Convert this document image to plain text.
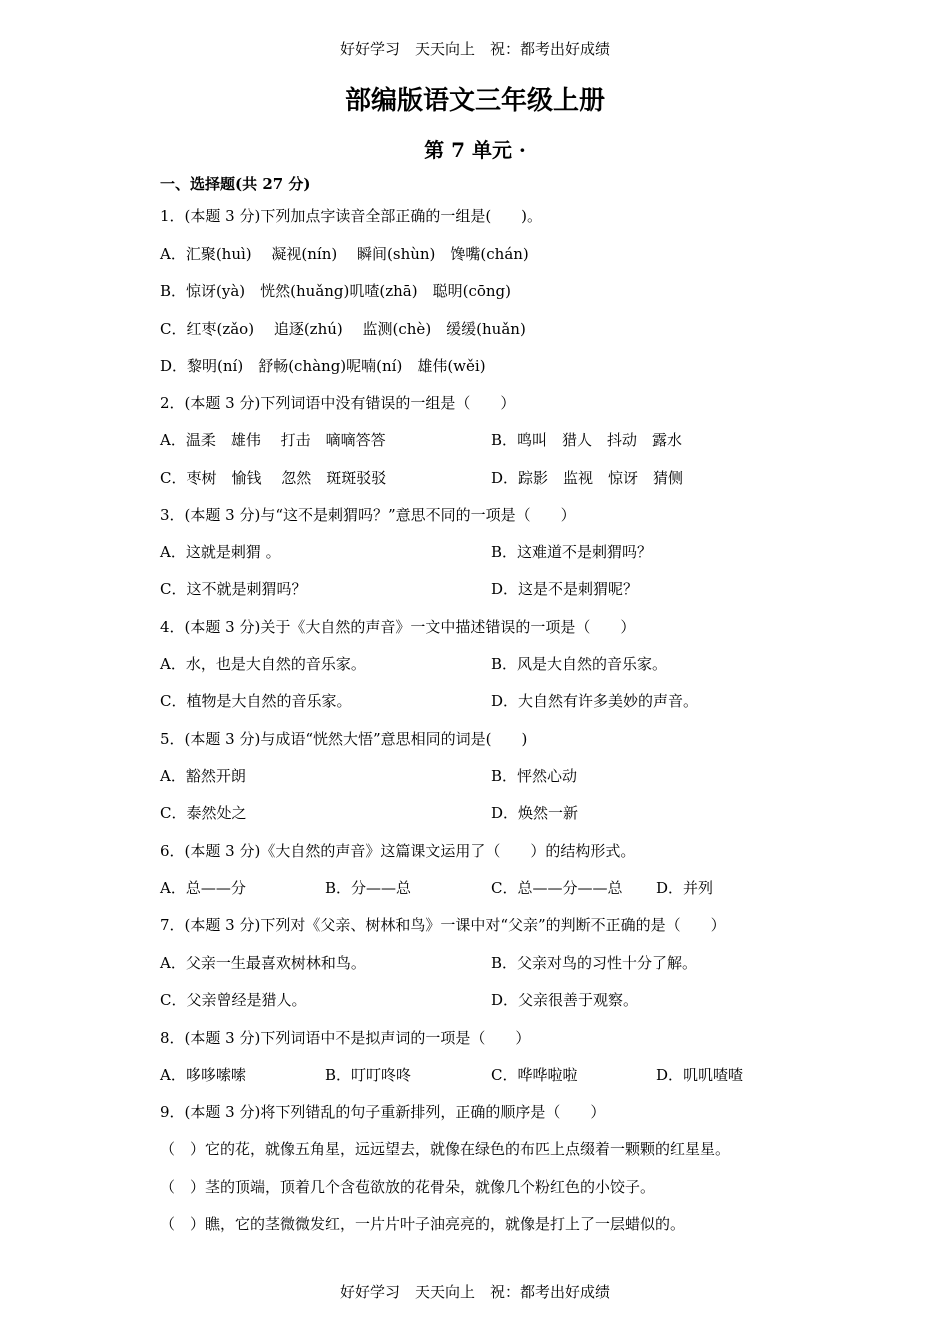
好好学习　天天向上　祝：都考出好成绩
部编版语文三年级上册
第 7 单元 ·
一、选择题(共 27 分)
1．(本题 3 分)下列加点字读音全部正确的一组是(　　)。
A．汇聚(huì)　 凝视(nín)　 瞬间(shùn)　馋嘴(chán)
B．惊讶(yà)　恍然(huǎng)叽喳(zhā)　聪明(cōng)
C．红枣(zǎo)　 追逐(zhú)　 监测(chè)　缓缓(huǎn)
D．黎明(ní)　舒畅(chàng)呢喃(ní)　雄伟(wěi)
2．(本题 3 分)下列词语中没有错误的一组是（　　）
A．温柔　雄伟　 打击　嘀嘀答答	B．鸣叫　猎人　抖动　露水
C．枣树　愉钱　 忽然　斑斑驳驳	D．踪影　监视　惊讶　猜侧
3．(本题 3 分)与“这不是刺猬吗？”意思不同的一项是（　　）
A．这就是刺猬 。	B．这难道不是刺猬吗？
C．这不就是刺猬吗？	D．这是不是刺猬呢？
4．(本题 3 分)关于《大自然的声音》一文中描述错误的一项是（　　）
A．水，也是大自然的音乐家。	B．风是大自然的音乐家。
C．植物是大自然的音乐家。	D．大自然有许多美妙的声音。
5．(本题 3 分)与成语“恍然大悟”意思相同的词是(　　)
A．豁然开朗	B．怦然心动
C．泰然处之	D．焕然一新
6．(本题 3 分)《大自然的声音》这篇课文运用了（　　）的结构形式。
A．总——分	B．分——总	C．总——分——总 D．并列
7．(本题 3 分)下列对《父亲、树林和鸟》一课中对“父亲”的判断不正确的是（　　）
A．父亲一生最喜欢树林和鸟。	B．父亲对鸟的习性十分了解。
C．父亲曾经是猎人。	D．父亲很善于观察。
8．(本题 3 分)下列词语中不是拟声词的一项是（　　）
A．哆哆嗦嗦	B．叮叮咚咚	C．哗哗啦啦	D．叽叽喳喳
9．(本题 3 分)将下列错乱的句子重新排列，正确的顺序是（　　）
（　）它的花，就像五角星，远远望去，就像在绿色的布匹上点缀着一颗颗的红星星。
（　）茎的顶端，顶着几个含苞欲放的花骨朵，就像几个粉红色的小饺子。
（　）瞧，它的茎微微发红，一片片叶子油亮亮的，就像是打上了一层蜡似的。
好好学习　天天向上　祝：都考出好成绩
